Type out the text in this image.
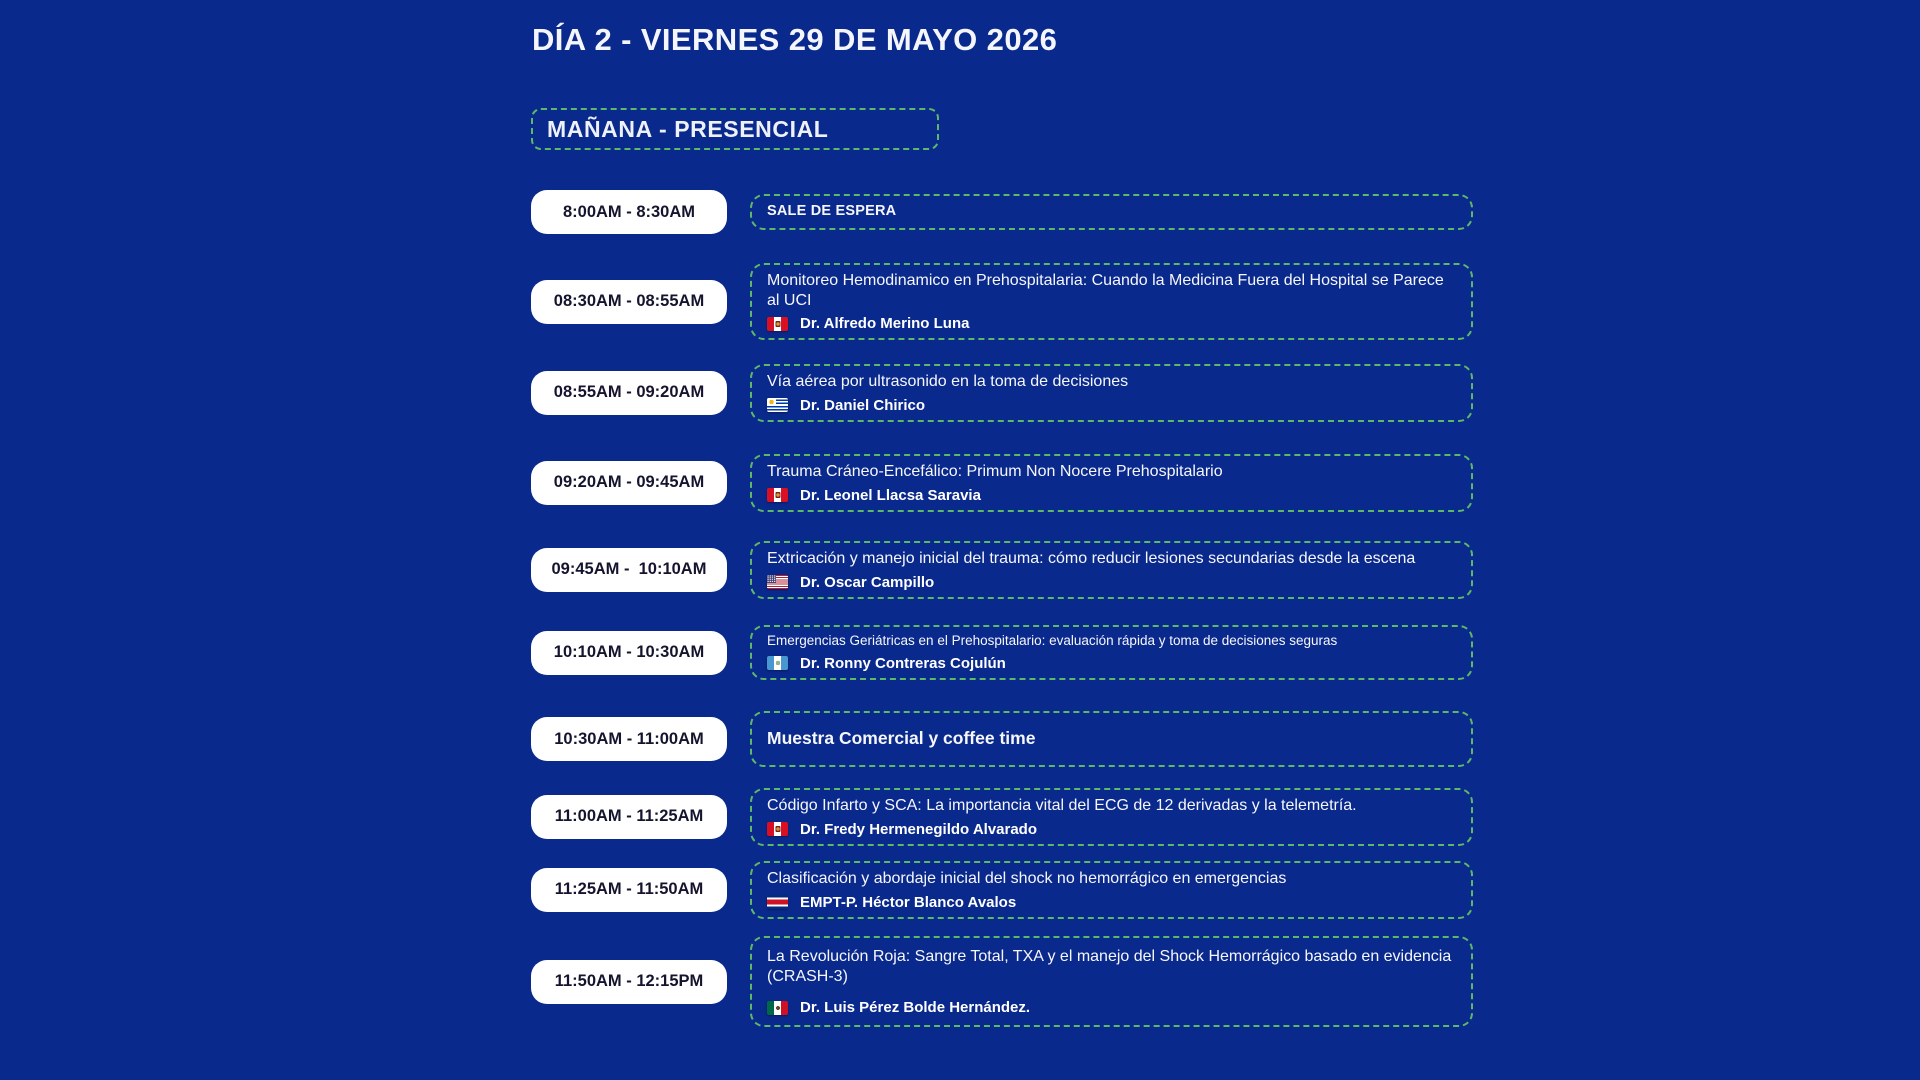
DÍA 2 - VIERNES 29 DE MAYO 2026
MAÑANA - PRESENCIAL
8:00AM - 8:30AM	SALE DE ESPERA
08:30AM - 08:55AM
Monitoreo Hemodinamico en Prehospitalaria: Cuando la Medicina Fuera del Hospital se Parece al UCI
Dr. Alfredo Merino Luna
08:55AM - 09:20AM
Vía aérea por ultrasonido en la toma de decisiones
Dr. Daniel Chirico
09:20AM - 09:45AM
Trauma Cráneo-Encefálico: Primum Non Nocere Prehospitalario
Dr. Leonel Llacsa Saravia
09:45AM -  10:10AM
Extricación y manejo inicial del trauma: cómo reducir lesiones secundarias desde la escena
Dr. Oscar Campillo
10:10AM - 10:30AM
Emergencias Geriátricas en el Prehospitalario: evaluación rápida y toma de decisiones seguras
Dr. Ronny Contreras Cojulún
10:30AM - 11:00AM	Muestra Comercial y coffee time
11:00AM - 11:25AM
Código Infarto y SCA: La importancia vital del ECG de 12 derivadas y la telemetría.
Dr. Fredy Hermenegildo Alvarado
11:25AM - 11:50AM
Clasificación y abordaje inicial del shock no hemorrágico en emergencias
EMPT-P. Héctor Blanco Avalos
11:50AM - 12:15PM
La Revolución Roja: Sangre Total, TXA y el manejo del Shock Hemorrágico basado en evidencia (CRASH-3)
Dr. Luis Pérez Bolde Hernández.
